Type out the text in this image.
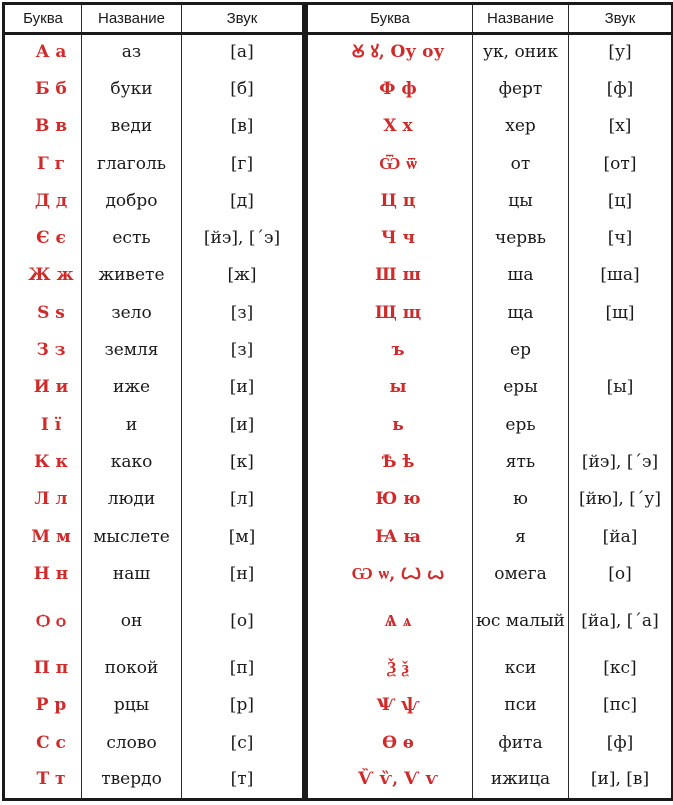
Буква	Название	Звук
А а	аз	[а]
Б б	буки	[б]
В в	веди	[в]
Г г	глаголь	[г]
Д д	добро	[д]
Є є	есть	[йэ], [´э]
Ж ж	живете	[ж]
Ѕ ѕ	зело	[з]
З з	земля	[з]
И и	иже	[и]
І ї	и	[и]
К к	како	[к]
Л л	люди	[л]
М м	мыслете	[м]
Н н	наш	[н]
Ѻ ѻ	он	[о]
П п	покой	[п]
Р р	рцы	[р]
С с	слово	[с]
Т т	твердо	[т]
Буква	Название	Звук
Ꙋ ꙋ, Оу оу	ук, оник	[у]
Ф ф	ферт	[ф]
Х х	хер	[х]
Ѿ ѿ	от	[от]
Ц ц	цы	[ц]
Ч ч	червь	[ч]
Ш ш	ша	[ша]
Щ щ	ща	[щ]
ъ	ер	
ы	еры	[ы]
ь	ерь	
Ѣ ѣ	ять	[йэ], [´э]
Ю ю	ю	[йю], [´у]
Ꙗ ꙗ	я	[йа]
Ѡ ѡ, Ꙍ ꙍ	омега	[о]
Ѧ ѧ	юс малый	[йа], [´а]
Ѯ ѯ	кси	[кс]
Ѱ ѱ	пси	[пс]
Ѳ ѳ	фита	[ф]
Ѷ ѷ, Ѵ ѵ	ижица	[и], [в]
